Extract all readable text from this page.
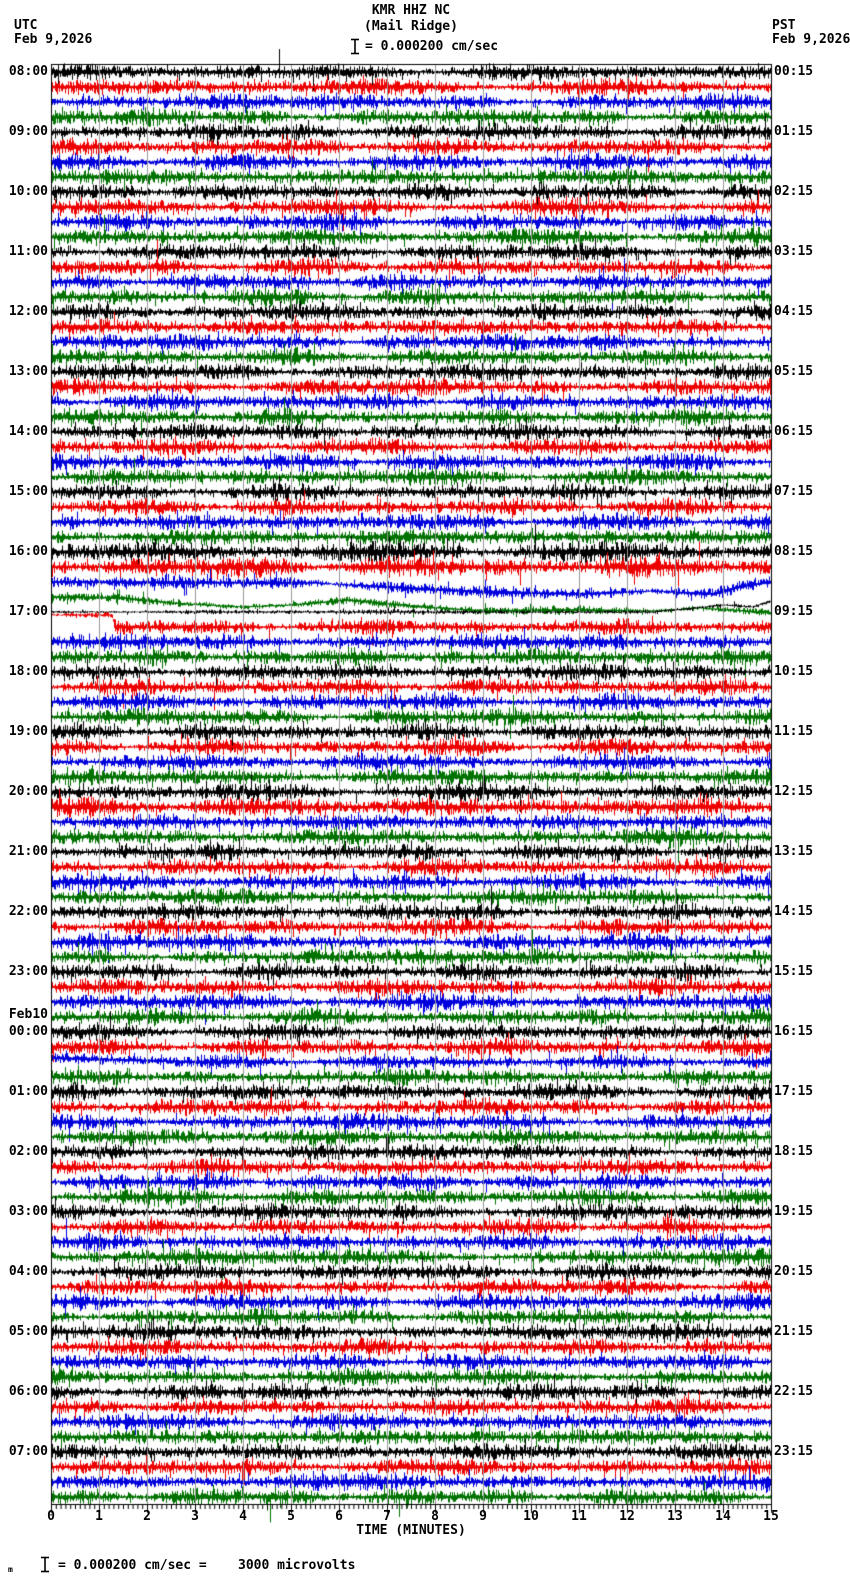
UTC
Feb 9,2026
PST
Feb 9,2026
KMR HHZ NC
(Mail Ridge)
= 0.000200 cm/sec
08:00
09:00
10:00
11:00
12:00
13:00
14:00
15:00
16:00
17:00
18:00
19:00
20:00
21:00
22:00
23:00
Feb10
00:00
01:00
02:00
03:00
04:00
05:00
06:00
07:00
00:15
01:15
02:15
03:15
04:15
05:15
06:15
07:15
08:15
09:15
10:15
11:15
12:15
13:15
14:15
15:15
16:15
17:15
18:15
19:15
20:15
21:15
22:15
23:15
0	1	2	3	4	5	6	7	8	9	10	11	12	13	14	15
TIME (MINUTES)
m	= 0.000200 cm/sec =    3000 microvolts
